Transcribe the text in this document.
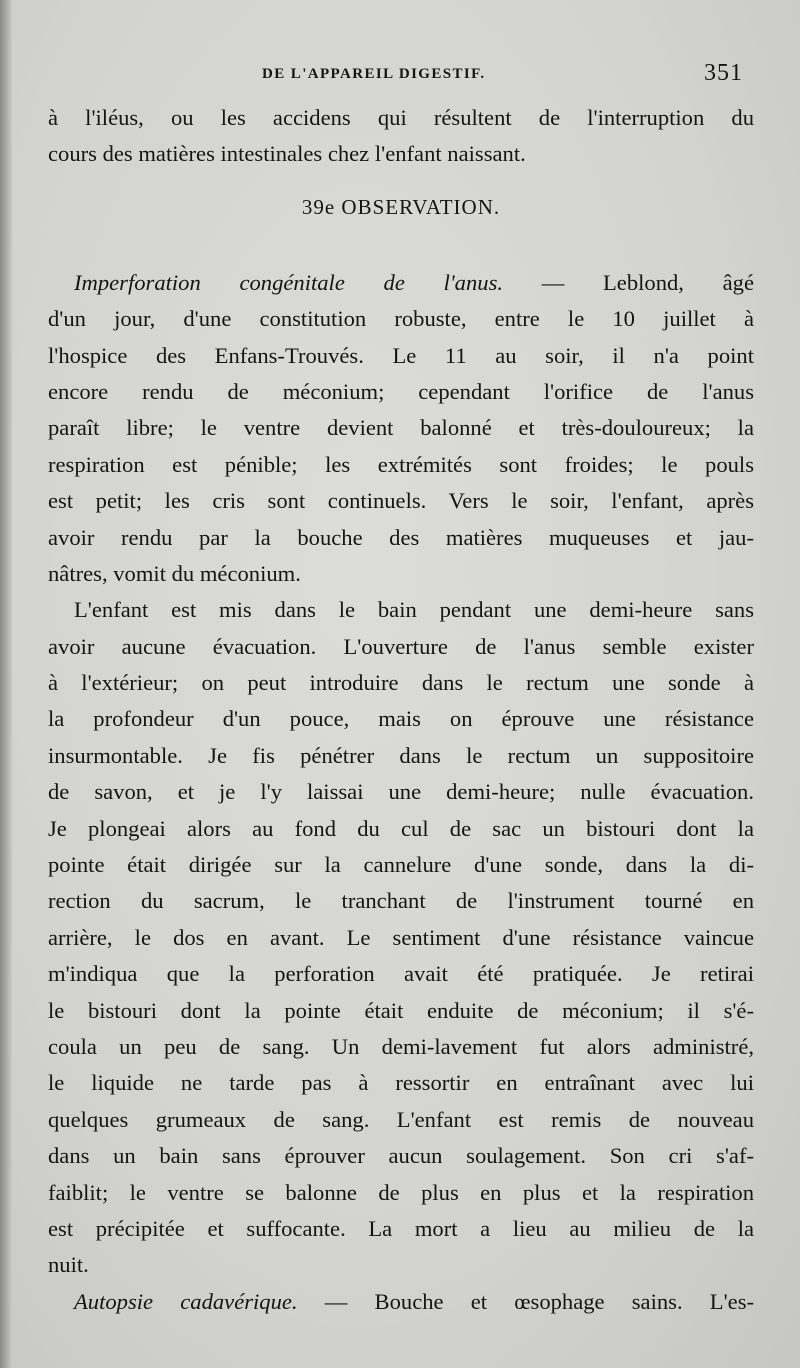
DE L'APPAREIL DIGESTIF.	351

à l'iléus, ou les accidens qui résultent de l'interruption du
cours des matières intestinales chez l'enfant naissant.

39e OBSERVATION.

Imperforation congénitale de l'anus. — Leblond, âgé
d'un jour, d'une constitution robuste, entre le 10 juillet à
l'hospice des Enfans-Trouvés. Le 11 au soir, il n'a point
encore rendu de méconium; cependant l'orifice de l'anus
paraît libre; le ventre devient balonné et très-douloureux; la
respiration est pénible; les extrémités sont froides; le pouls
est petit; les cris sont continuels. Vers le soir, l'enfant, après
avoir rendu par la bouche des matières muqueuses et jau-
nâtres, vomit du méconium.

L'enfant est mis dans le bain pendant une demi-heure sans
avoir aucune évacuation. L'ouverture de l'anus semble exister
à l'extérieur; on peut introduire dans le rectum une sonde à
la profondeur d'un pouce, mais on éprouve une résistance
insurmontable. Je fis pénétrer dans le rectum un suppositoire
de savon, et je l'y laissai une demi-heure; nulle évacuation.
Je plongeai alors au fond du cul de sac un bistouri dont la
pointe était dirigée sur la cannelure d'une sonde, dans la di-
rection du sacrum, le tranchant de l'instrument tourné en
arrière, le dos en avant. Le sentiment d'une résistance vaincue
m'indiqua que la perforation avait été pratiquée. Je retirai
le bistouri dont la pointe était enduite de méconium; il s'é-
coula un peu de sang. Un demi-lavement fut alors administré,
le liquide ne tarde pas à ressortir en entraînant avec lui
quelques grumeaux de sang. L'enfant est remis de nouveau
dans un bain sans éprouver aucun soulagement. Son cri s'af-
faiblit; le ventre se balonne de plus en plus et la respiration
est précipitée et suffocante. La mort a lieu au milieu de la
nuit.

Autopsie cadavérique. — Bouche et œsophage sains. L'es-
